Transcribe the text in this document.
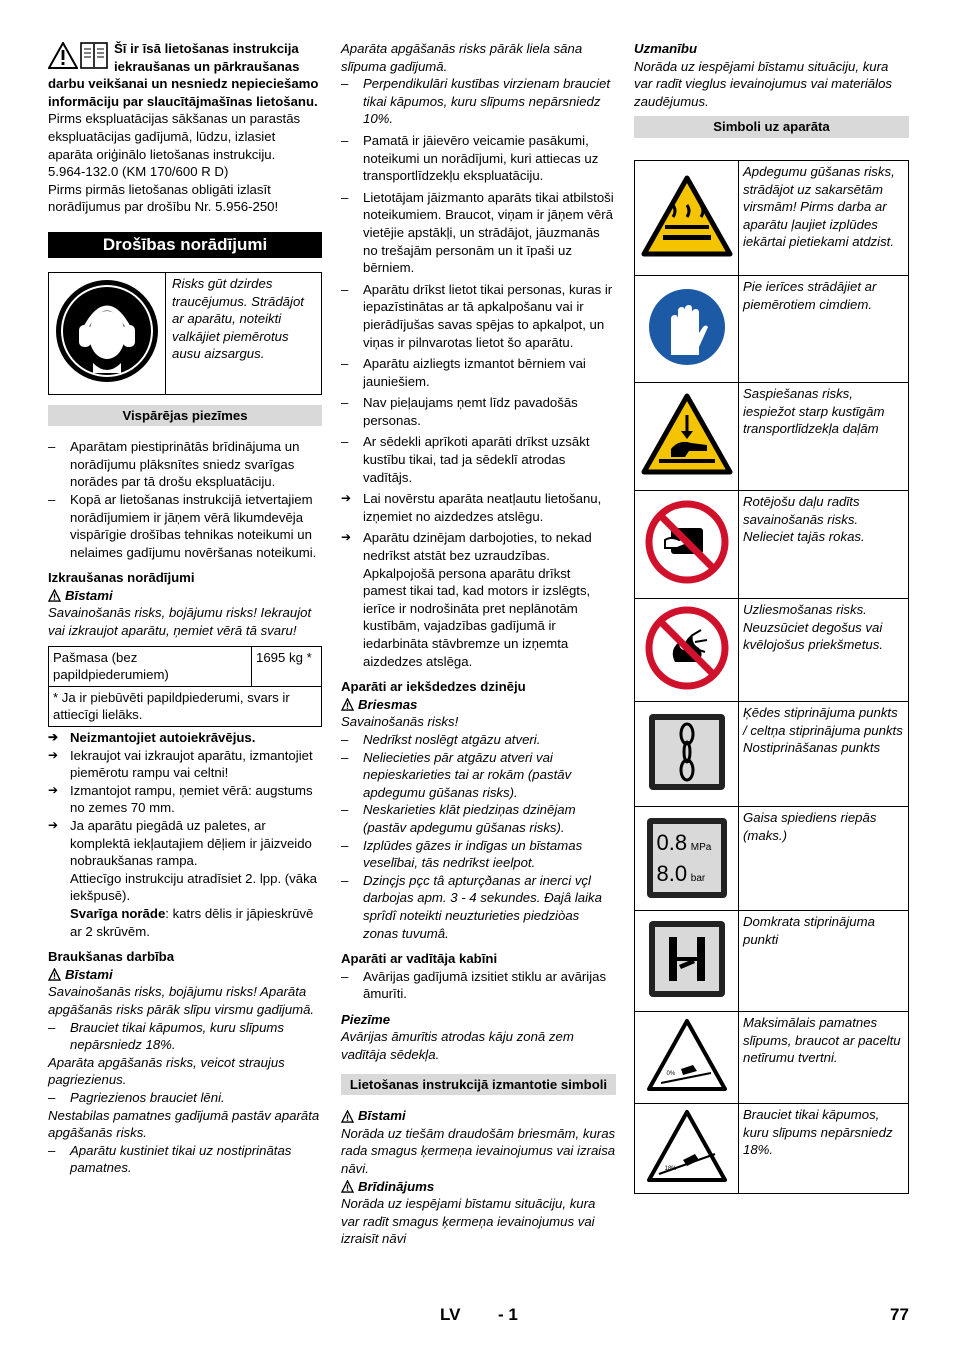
Šī ir īsā lietošanas instrukcija iekraušanas un pārkraušanas darbu veikšanai un nesniedz nepieciešamo informāciju par slaucītājmašīnas lietošanu.

Pirms ekspluatācijas sākšanas un parastās ekspluatācijas gadījumā, lūdzu, izlasiet aparāta oriģinālo lietošanas instrukciju.

5.964-132.0 (KM 170/600 R D)

Pirms pirmās lietošanas obligāti izlasīt norādījumus par drošību Nr. 5.956-250!

Drošības norādījumi
	Risks gūt dzirdes traucējumus. Strādājot ar aparātu, noteikti valkājiet piemērotus ausu aizsargus.
Vispārējas piezīmes

– Aparātam piestiprinātās brīdinājuma un norādījumu plāksnītes sniedz svarīgas norādes par tā drošu ekspluatāciju.

– Kopā ar lietošanas instrukcijā ietvertajiem norādījumiem ir jāņem vērā likumdevēja vispārīgie drošības tehnikas noteikumi un nelaimes gadījumu novēršanas noteikumi.

Izkraušanas norādījumi

Bīstami

Savainošanās risks, bojājumu risks! Iekraujot vai izkraujot aparātu, ņemiet vērā tā svaru!

Pašmasa (bez papildpiederumiem)	1695 kg *
* Ja ir piebūvēti papildpiederumi, svars ir attiecīgi lielāks.

➔ Neizmantojiet autoiekrāvējus.

➔ Iekraujot vai izkraujot aparātu, izmantojiet piemērotu rampu vai celtni!

➔ Izmantojot rampu, ņemiet vērā: augstums no zemes 70 mm.

➔ Ja aparātu piegādā uz paletes, ar komplektā iekļautajiem dēļiem ir jāizveido nobraukšanas rampa.

Attiecīgo instrukciju atradīsiet 2. lpp. (vāka iekšpusē).

Svarīga norāde: katrs dēlis ir jāpieskrūvē ar 2 skrūvēm.

Braukšanas darbība

Bīstami

Savainošanās risks, bojājumu risks! Aparāta apgāšanās risks pārāk slīpu virsmu gadījumā.

– Brauciet tikai kāpumos, kuru slīpums nepārsniedz 18%.

Aparāta apgāšanās risks, veicot straujus pagriezienus.

– Pagriezienos brauciet lēni.

Nestabilas pamatnes gadījumā pastāv aparāta apgāšanās risks.

– Aparātu kustiniet tikai uz nostiprinātas pamatnes.

Aparāta apgāšanās risks pārāk liela sāna slīpuma gadījumā.

– Perpendikulāri kustības virzienam brauciet tikai kāpumos, kuru slīpums nepārsniedz 10%.

– Pamatā ir jāievēro veicamie pasākumi, noteikumi un norādījumi, kuri attiecas uz transportlīdzekļu ekspluatāciju.

– Lietotājam jāizmanto aparāts tikai atbilstoši noteikumiem. Braucot, viņam ir jāņem vērā vietējie apstākļi, un strādājot, jāuzmanās no trešajām personām un it īpaši uz bērniem.

– Aparātu drīkst lietot tikai personas, kuras ir iepazīstinātas ar tā apkalpošanu vai ir pierādījušas savas spējas to apkalpot, un viņas ir pilnvarotas lietot šo aparātu.

– Aparātu aizliegts izmantot bērniem vai jauniešiem.

– Nav pieļaujams ņemt līdz pavadošās personas.

– Ar sēdekli aprīkoti aparāti drīkst uzsākt kustību tikai, tad ja sēdeklī atrodas vadītājs.

➔ Lai novērstu aparāta neatļautu lietošanu, izņemiet no aizdedzes atslēgu.

➔ Aparātu dzinējam darbojoties, to nekad nedrīkst atstāt bez uzraudzības. Apkalpojošā persona aparātu drīkst pamest tikai tad, kad motors ir izslēgts, ierīce ir nodrošināta pret neplānotām kustībām, vajadzības gadījumā ir iedarbināta stāvbremze un izņemta aizdedzes atslēga.

Aparāti ar iekšdedzes dzinēju

Briesmas

Savainošanās risks!

– Nedrīkst noslēgt atgāzu atveri.

– Neliecieties pār atgāzu atveri vai nepieskarieties tai ar rokām (pastāv apdegumu gūšanas risks).

– Neskarieties klāt piedziņas dzinējam (pastāv apdegumu gūšanas risks).

– Izplūdes gāzes ir indīgas un bīstamas veselībai, tās nedrīkst ieelpot.

– Dzinçjs pçc tâ apturçðanas ar inerci vçl darbojas apm. 3 - 4 sekundes. Ðajâ laika sprîdî noteikti neuzturieties piedziòas zonas tuvumâ.

Aparāti ar vadītāja kabīni

– Avārijas gadījumā izsitiet stiklu ar avārijas āmurīti.

Piezīme

Avārijas āmurītis atrodas kāju zonā zem vadītāja sēdekļa.

Lietošanas instrukcijā izmantotie simboli

Bīstami

Norāda uz tiešām draudošām briesmām, kuras rada smagus ķermeņa ievainojumus vai izraisa nāvi.

Brīdinājums

Norāda uz iespējami bīstamu situāciju, kura var radīt smagus ķermeņa ievainojumus vai izraisīt nāvi

Uzmanību

Norāda uz iespējami bīstamu situāciju, kura var radīt vieglus ievainojumus vai materiālos zaudējumus.

Simboli uz aparāta
	Apdegumu gūšanas risks, strādājot uz sakarsētām virsmām! Pirms darba ar aparātu ļaujiet izplūdes iekārtai pietiekami atdzist.
	Pie ierīces strādājiet ar piemērotiem cimdiem.
	Saspiešanas risks, iespiežot starp kustīgām transportlīdzekļa daļām
	Rotējošu daļu radīts savainošanās risks. Nelieciet tajās rokas.
	Uzliesmošanas risks. Neuzsūciet degošus vai kvēlojošus priekšmetus.
	Ķēdes stiprinājuma punkts / celtņa stiprinājuma punkts Nostiprināšanas punkts

0.8 MPa
8.0 bar	Gaisa spiediens riepās (maks.)
	Domkrata stiprinājuma punkti

0%	Maksimālais pamatnes slīpums, braucot ar paceltu netīrumu tvertni.

18%	Brauciet tikai kāpumos, kuru slīpums nepārsniedz 18%.
LV - 1	77
